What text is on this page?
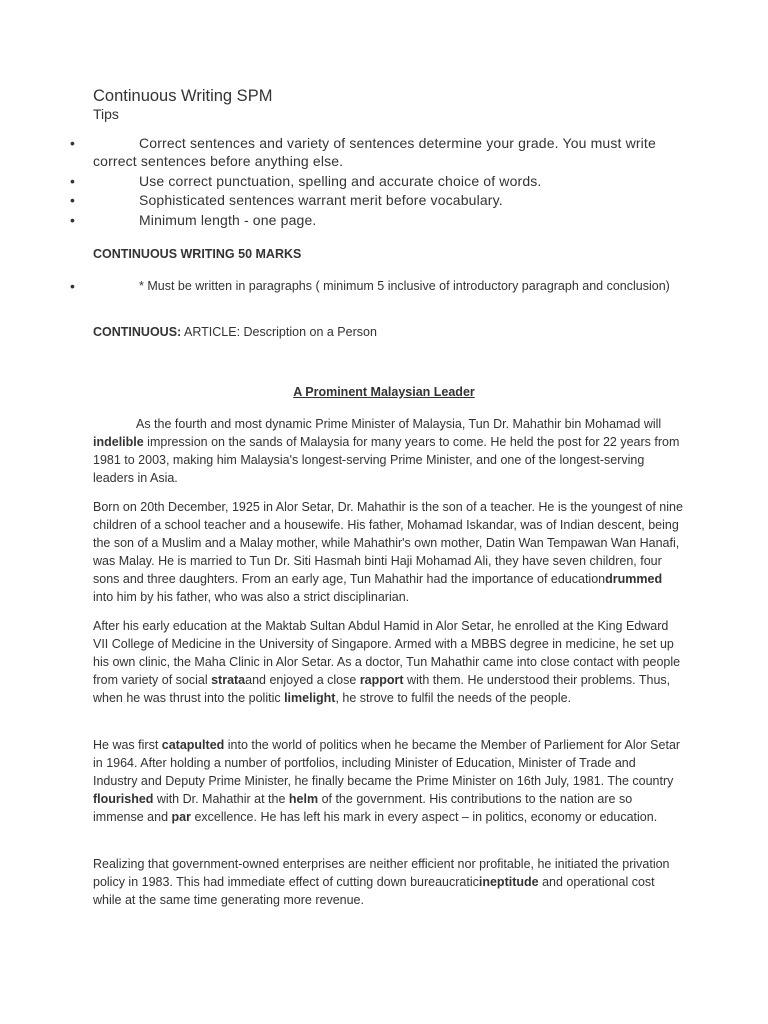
Continuous Writing SPM
Tips
•	Correct sentences and variety of sentences determine your grade. You must write correct sentences before anything else.
•	Use correct punctuation, spelling and accurate choice of words.
•	Sophisticated sentences warrant merit before vocabulary.
•	Minimum length - one page.
CONTINUOUS WRITING 50 MARKS
•	* Must be written in paragraphs ( minimum 5 inclusive of introductory paragraph and conclusion)
CONTINUOUS: ARTICLE: Description on a Person
A Prominent Malaysian Leader

As the fourth and most dynamic Prime Minister of Malaysia, Tun Dr. Mahathir bin Mohamad will indelible impression on the sands of Malaysia for many years to come. He held the post for 22 years from 1981 to 2003, making him Malaysia's longest-serving Prime Minister, and one of the longest-serving leaders in Asia.

Born on 20th December, 1925 in Alor Setar, Dr. Mahathir is the son of a teacher. He is the youngest of nine children of a school teacher and a housewife. His father, Mohamad Iskandar, was of Indian descent, being the son of a Muslim and a Malay mother, while Mahathir's own mother, Datin Wan Tempawan Wan Hanafi, was Malay. He is married to Tun Dr. Siti Hasmah binti Haji Mohamad Ali, they have seven children, four sons and three daughters. From an early age, Tun Mahathir had the importance of educationdrummed into him by his father, who was also a strict disciplinarian.

After his early education at the Maktab Sultan Abdul Hamid in Alor Setar, he enrolled at the King Edward VII College of Medicine in the University of Singapore. Armed with a MBBS degree in medicine, he set up his own clinic, the Maha Clinic in Alor Setar. As a doctor, Tun Mahathir came into close contact with people from variety of social strataand enjoyed a close rapport with them. He understood their problems. Thus, when he was thrust into the politic limelight, he strove to fulfil the needs of the people.

He was first catapulted into the world of politics when he became the Member of Parliement for Alor Setar in 1964. After holding a number of portfolios, including Minister of Education, Minister of Trade and Industry and Deputy Prime Minister, he finally became the Prime Minister on 16th July, 1981. The country flourished with Dr. Mahathir at the helm of the government. His contributions to the nation are so immense and par excellence. He has left his mark in every aspect – in politics, economy or education.

Realizing that government-owned enterprises are neither efficient nor profitable, he initiated the privation policy in 1983. This had immediate effect of cutting down bureaucraticineptitude and operational cost while at the same time generating more revenue.
